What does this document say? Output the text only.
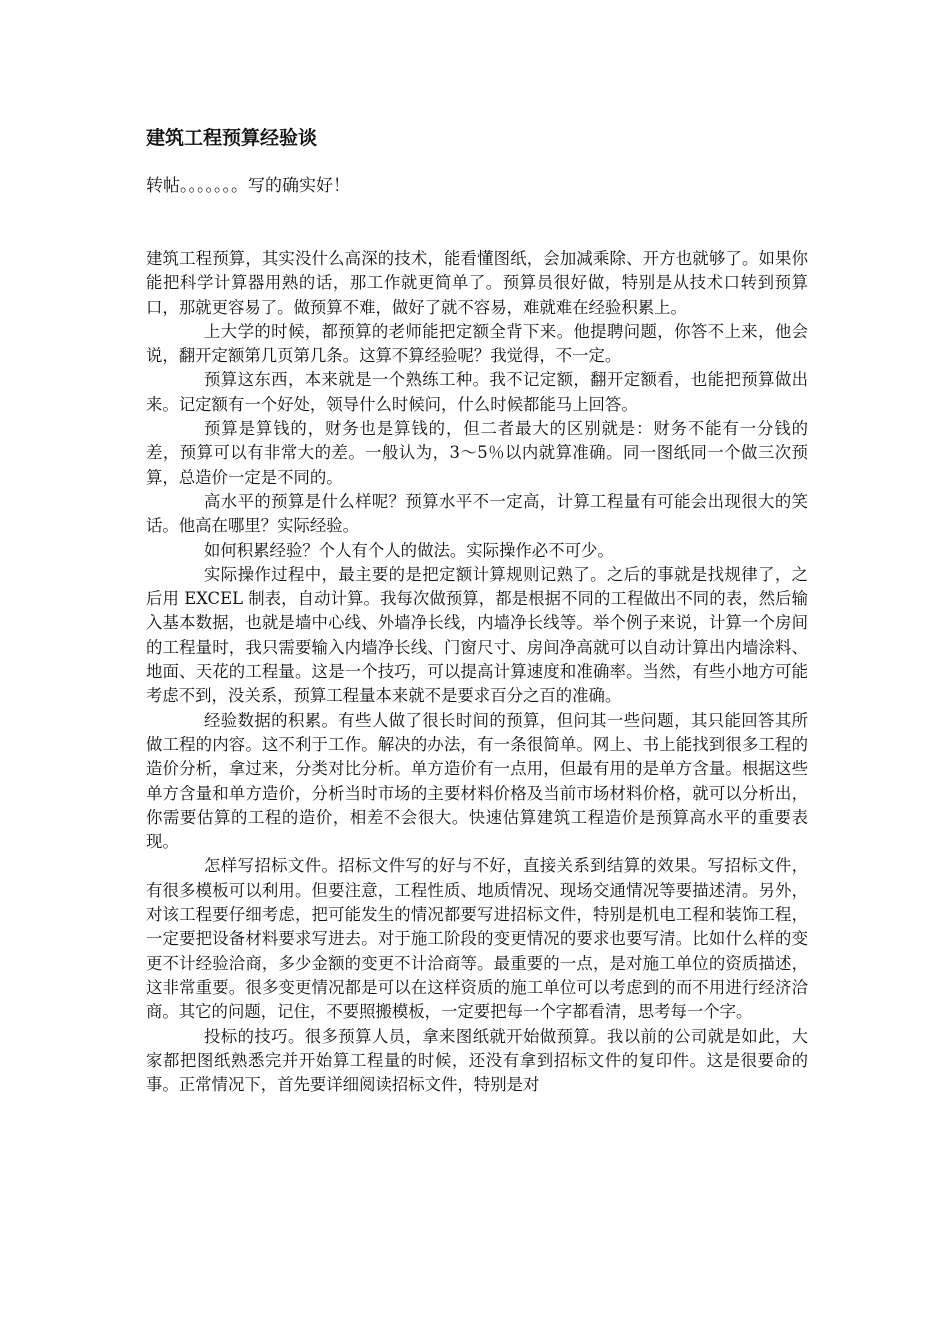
建筑工程预算经验谈
转帖。。。。。。。写的确实好！

建筑工程预算，其实没什么高深的技术，能看懂图纸，会加减乘除、开方也就够了。如果你能把科学计算器用熟的话，那工作就更简单了。预算员很好做，特别是从技术口转到预算口，那就更容易了。做预算不难，做好了就不容易，难就难在经验积累上。

上大学的时候，都预算的老师能把定额全背下来。他提聘问题，你答不上来，他会说，翻开定额第几页第几条。这算不算经验呢？我觉得，不一定。

预算这东西，本来就是一个熟练工种。我不记定额，翻开定额看，也能把预算做出来。记定额有一个好处，领导什么时候问，什么时候都能马上回答。

预算是算钱的，财务也是算钱的，但二者最大的区别就是：财务不能有一分钱的差，预算可以有非常大的差。一般认为，3～5％以内就算准确。同一图纸同一个做三次预算，总造价一定是不同的。

高水平的预算是什么样呢？预算水平不一定高，计算工程量有可能会出现很大的笑话。他高在哪里？实际经验。

如何积累经验？个人有个人的做法。实际操作必不可少。

实际操作过程中，最主要的是把定额计算规则记熟了。之后的事就是找规律了，之后用 EXCEL 制表，自动计算。我每次做预算，都是根据不同的工程做出不同的表，然后输入基本数据，也就是墙中心线、外墙净长线，内墙净长线等。举个例子来说，计算一个房间的工程量时，我只需要输入内墙净长线、门窗尺寸、房间净高就可以自动计算出内墙涂料、地面、天花的工程量。这是一个技巧，可以提高计算速度和准确率。当然，有些小地方可能考虑不到，没关系，预算工程量本来就不是要求百分之百的准确。

经验数据的积累。有些人做了很长时间的预算，但问其一些问题，其只能回答其所做工程的内容。这不利于工作。解决的办法，有一条很简单。网上、书上能找到很多工程的造价分析，拿过来，分类对比分析。单方造价有一点用，但最有用的是单方含量。根据这些单方含量和单方造价，分析当时市场的主要材料价格及当前市场材料价格，就可以分析出，你需要估算的工程的造价，相差不会很大。快速估算建筑工程造价是预算高水平的重要表现。

怎样写招标文件。招标文件写的好与不好，直接关系到结算的效果。写招标文件，有很多模板可以利用。但要注意，工程性质、地质情况、现场交通情况等要描述清。另外，对该工程要仔细考虑，把可能发生的情况都要写进招标文件，特别是机电工程和装饰工程，一定要把设备材料要求写进去。对于施工阶段的变更情况的要求也要写清。比如什么样的变更不计经验洽商，多少金额的变更不计洽商等。最重要的一点，是对施工单位的资质描述，这非常重要。很多变更情况都是可以在这样资质的施工单位可以考虑到的而不用进行经济洽商。其它的问题，记住，不要照搬模板，一定要把每一个字都看清，思考每一个字。

投标的技巧。很多预算人员，拿来图纸就开始做预算。我以前的公司就是如此，大家都把图纸熟悉完并开始算工程量的时候，还没有拿到招标文件的复印件。这是很要命的事。正常情况下，首先要详细阅读招标文件，特别是对
